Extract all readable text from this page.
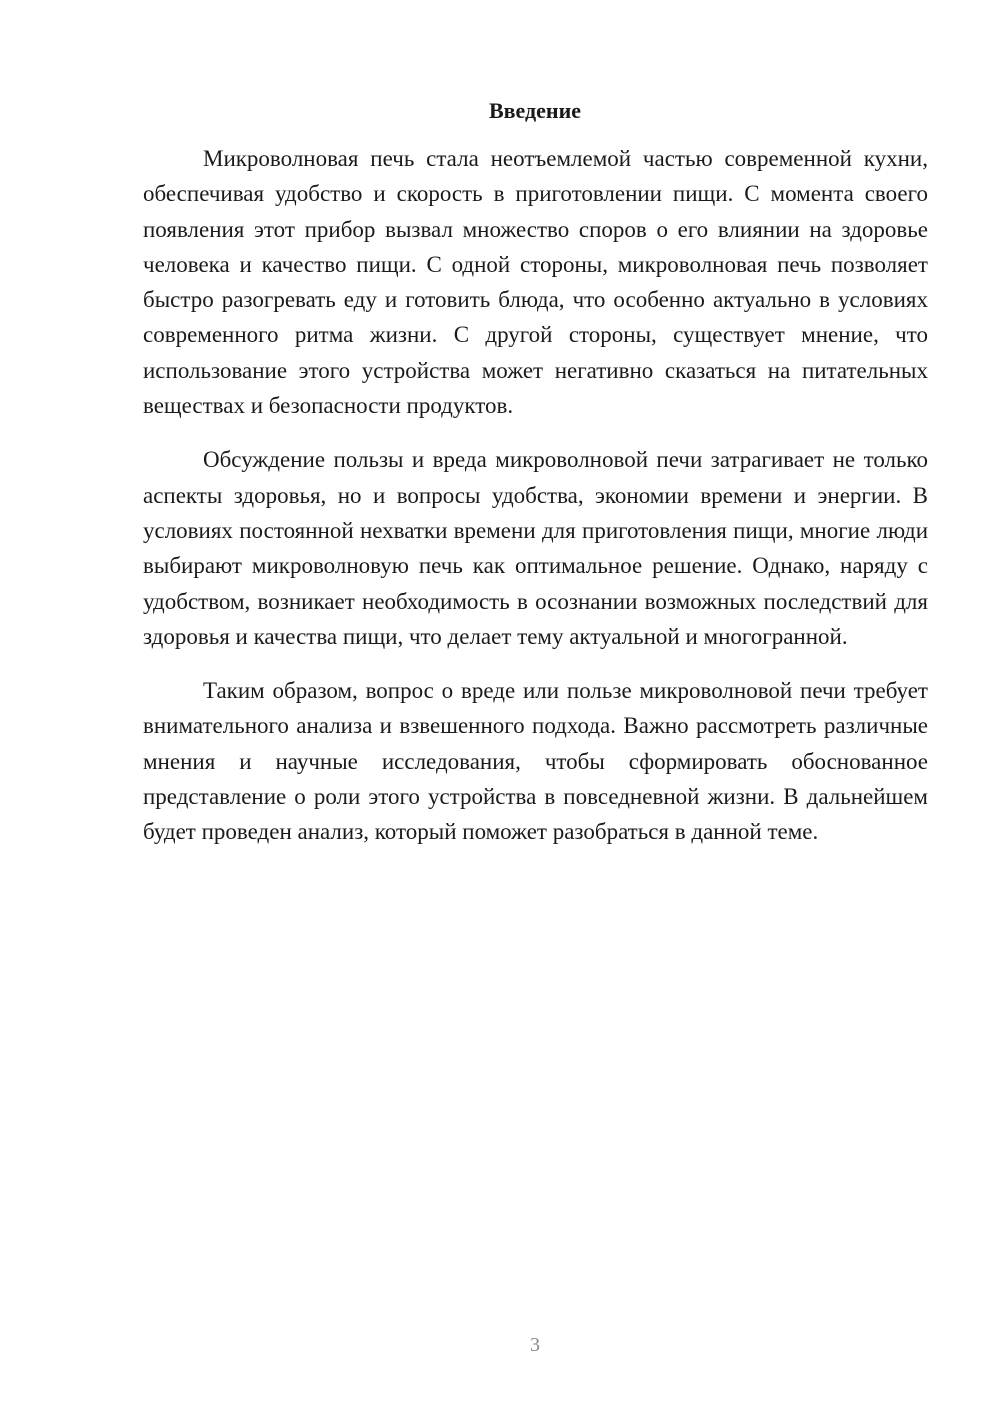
Введение

Микроволновая печь стала неотъемлемой частью современной кухни, обеспечивая удобство и скорость в приготовлении пищи. С момента своего появления этот прибор вызвал множество споров о его влиянии на здоровье человека и качество пищи. С одной стороны, микроволновая печь позволяет быстро разогревать еду и готовить блюда, что особенно актуально в условиях современного ритма жизни. С другой стороны, существует мнение, что использование этого устройства может негативно сказаться на питательных веществах и безопасности продуктов.

Обсуждение пользы и вреда микроволновой печи затрагивает не только аспекты здоровья, но и вопросы удобства, экономии времени и энергии. В условиях постоянной нехватки времени для приготовления пищи, многие люди выбирают микроволновую печь как оптимальное решение. Однако, наряду с удобством, возникает необходимость в осознании возможных последствий для здоровья и качества пищи, что делает тему актуальной и многогранной.

Таким образом, вопрос о вреде или пользе микроволновой печи требует внимательного анализа и взвешенного подхода. Важно рассмотреть различные мнения и научные исследования, чтобы сформировать обоснованное представление о роли этого устройства в повседневной жизни. В дальнейшем будет проведен анализ, который поможет разобраться в данной теме.

3
